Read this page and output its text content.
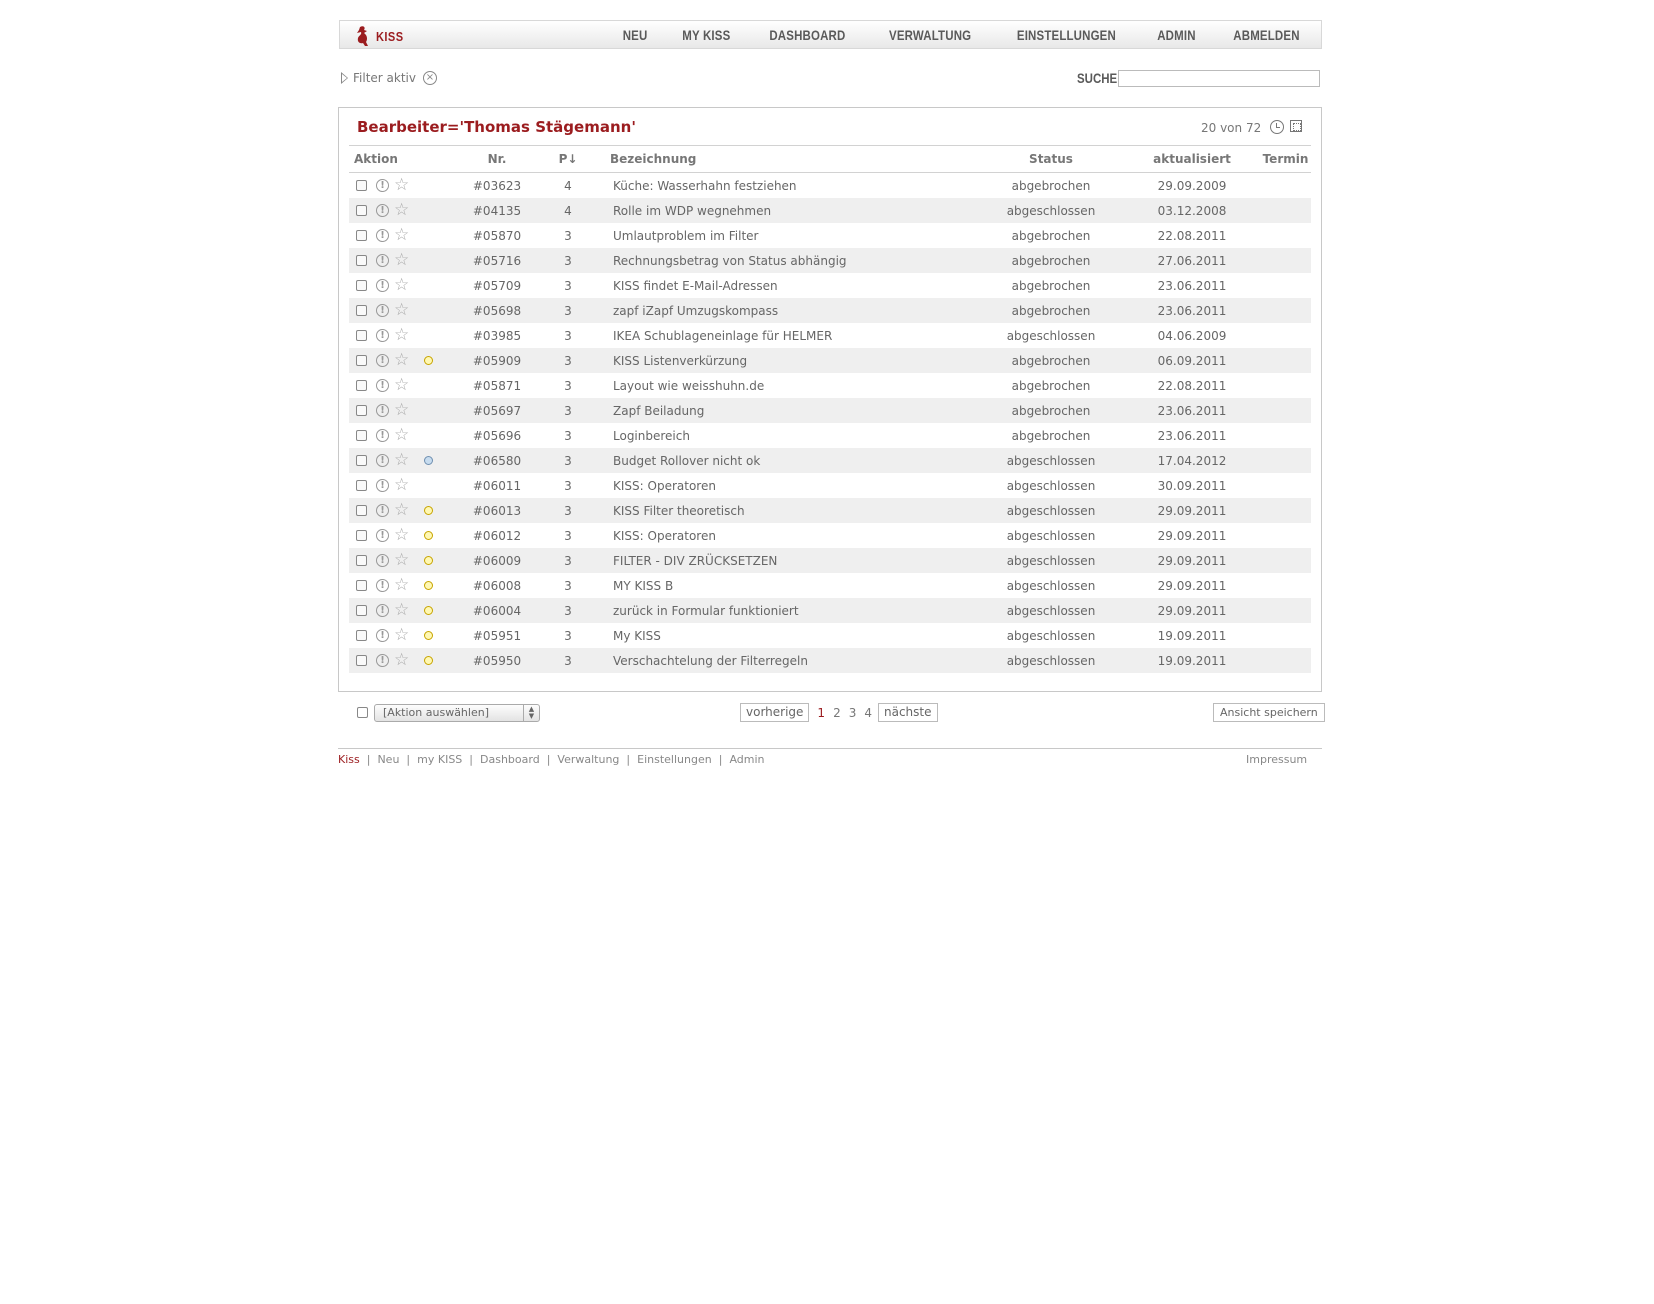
KISS	NEU MY KISS	DASHBOARD	VERWALTUNG	EINSTELLUNGEN	ADMIN	ABMELDEN
Filter aktiv ×	SUCHE
Bearbeiter='Thomas Stägemann'	20 von 72
Aktion	Nr.	P↓	Bezeichnung	Status	aktualisiert	Termin

! ☆	#03623	4	Küche: Wasserhahn festziehen	abgebrochen	29.09.2009	

! ☆	#04135	4	Rolle im WDP wegnehmen	abgeschlossen	03.12.2008	

! ☆	#05870	3	Umlautproblem im Filter	abgebrochen	22.08.2011	

! ☆	#05716	3	Rechnungsbetrag von Status abhängig	abgebrochen	27.06.2011	

! ☆	#05709	3	KISS findet E-Mail-Adressen	abgebrochen	23.06.2011	

! ☆	#05698	3	zapf iZapf Umzugskompass	abgebrochen	23.06.2011	

! ☆	#03985	3	IKEA Schublageneinlage für HELMER	abgeschlossen	04.06.2009	

! ☆	#05909	3	KISS Listenverkürzung	abgebrochen	06.09.2011	

! ☆	#05871	3	Layout wie weisshuhn.de	abgebrochen	22.08.2011	

! ☆	#05697	3	Zapf Beiladung	abgebrochen	23.06.2011	

! ☆	#05696	3	Loginbereich	abgebrochen	23.06.2011	

! ☆	#06580	3	Budget Rollover nicht ok	abgeschlossen	17.04.2012	

! ☆	#06011	3	KISS: Operatoren	abgeschlossen	30.09.2011	

! ☆	#06013	3	KISS Filter theoretisch	abgeschlossen	29.09.2011	

! ☆	#06012	3	KISS: Operatoren	abgeschlossen	29.09.2011	

! ☆	#06009	3	FILTER - DIV ZRÜCKSETZEN	abgeschlossen	29.09.2011	

! ☆	#06008	3	MY KISS B	abgeschlossen	29.09.2011	

! ☆	#06004	3	zurück in Formular funktioniert	abgeschlossen	29.09.2011	

! ☆	#05951	3	My KISS	abgeschlossen	19.09.2011	

! ☆	#05950	3	Verschachtelung der Filterregeln	abgeschlossen	19.09.2011	
[Aktion auswählen]	▲
▼	vorherige	1 2 3 4	nächste	Ansicht speichern
Kiss | Neu | my KISS | Dashboard | Verwaltung | Einstellungen | Admin	Impressum
